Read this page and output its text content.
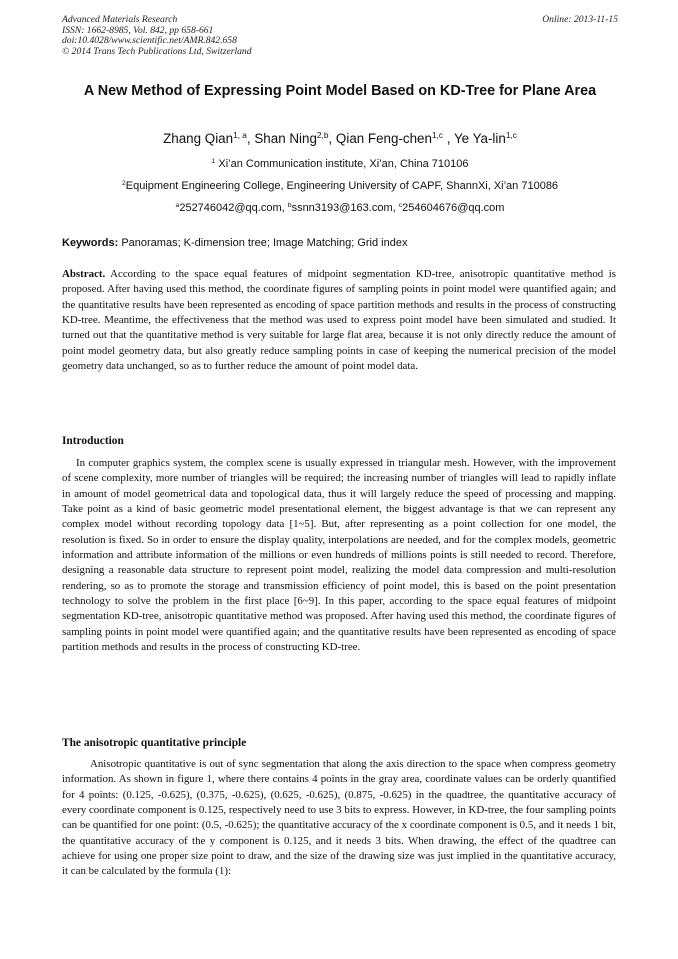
Advanced Materials Research
ISSN: 1662-8985, Vol. 842, pp 658-661
doi:10.4028/www.scientific.net/AMR.842.658
© 2014 Trans Tech Publications Ltd, Switzerland
Online: 2013-11-15
A New Method of Expressing Point Model Based on KD-Tree for Plane Area
Zhang Qian$^{1, a}$, Shan Ning$^{2,b}$, Qian Feng-chen$^{1,c}$ , Ye Ya-lin$^{1,c}$
$^1$ Xi’an Communication institute, Xi’an, China 710106
$^2$Equipment Engineering College, Engineering University of CAPF, ShannXi, Xi’an 710086
$^a$252746042@qq.com, $^b$ssnn3193@163.com, $^c$254604676@qq.com
Keywords: Panoramas; K-dimension tree; Image Matching; Grid index

Abstract. According to the space equal features of midpoint segmentation KD-tree, anisotropic quantitative method is proposed. After having used this method, the coordinate figures of sampling points in point model were quantified again; and the quantitative results have been represented as encoding of space partition methods and results in the process of constructing KD-tree. Meantime, the effectiveness that the method was used to express point model have been simulated and studied. It turned out that the quantitative method is very suitable for large flat area, because it is not only directly reduce the amount of point model geometry data, but also greatly reduce sampling points in case of keeping the numerical precision of the model geometry data unchanged, so as to further reduce the amount of point model data.

Introduction

In computer graphics system, the complex scene is usually expressed in triangular mesh. However, with the improvement of scene complexity, more number of triangles will be required; the increasing number of triangles will lead to rapidly inflate in amount of model geometrical data and topological data, thus it will largely reduce the speed of processing and mapping. Take point as a kind of basic geometric model presentational element, the biggest advantage is that we can represent any complex model without recording topology data [1~5]. But, after representing as a point collection for one model, the resolution is fixed. So in order to ensure the display quality, interpolations are needed, and for the complex models, geometric information and attribute information of the millions or even hundreds of millions points is still needed to record. Therefore, designing a reasonable data structure to represent point model, realizing the model data compression and multi-resolution rendering, so as to promote the storage and transmission efficiency of point model, this is based on the point presentation technology to solve the problem in the first place [6~9]. In this paper, according to the space equal features of midpoint segmentation KD-tree, anisotropic quantitative method was proposed. After having used this method, the coordinate figures of sampling points in point model were quantified again; and the quantitative results have been represented as encoding of space partition methods and results in the process of constructing KD-tree.

The anisotropic quantitative principle

Anisotropic quantitative is out of sync segmentation that along the axis direction to the space when compress geometry information. As shown in figure 1, where there contains 4 points in the gray area, coordinate values can be orderly quantified for 4 points: (0.125, -0.625), (0.375, -0.625), (0.625, -0.625), (0.875, -0.625) in the quadtree, the quantitative accuracy of every coordinate component is 0.125, respectively need to use 3 bits to express. However, in KD-tree, the four sampling points can be quantified for one point: (0.5, -0.625); the quantitative accuracy of the x coordinate component is 0.5, and it needs 1 bit, the quantitative accuracy of the y component is 0.125, and it needs 3 bits. When drawing, the effect of the quadtree can achieve for using one proper size point to draw, and the size of the drawing size was just implied in the quantitative accuracy, it can be calculated by the formula (1):
